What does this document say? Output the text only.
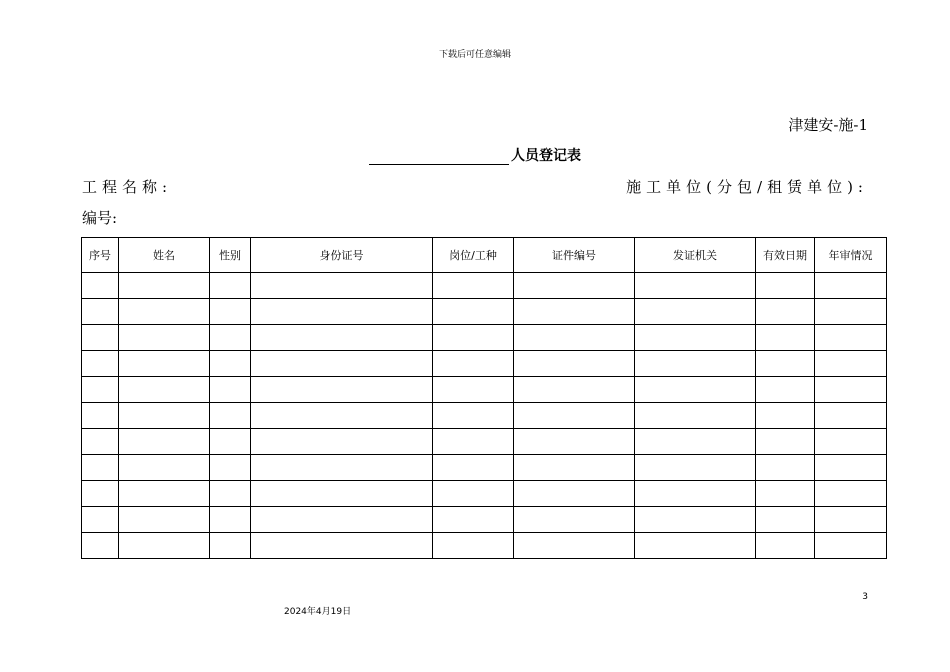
下载后可任意编辑
津建安-施-1
人员登记表
工程名称:	施工单位(分包/租赁单位):
编号:
序号	姓名	性别	身份证号	岗位/工种	证件编号	发证机关	有效日期	年审情况

3
2024年4月19日
